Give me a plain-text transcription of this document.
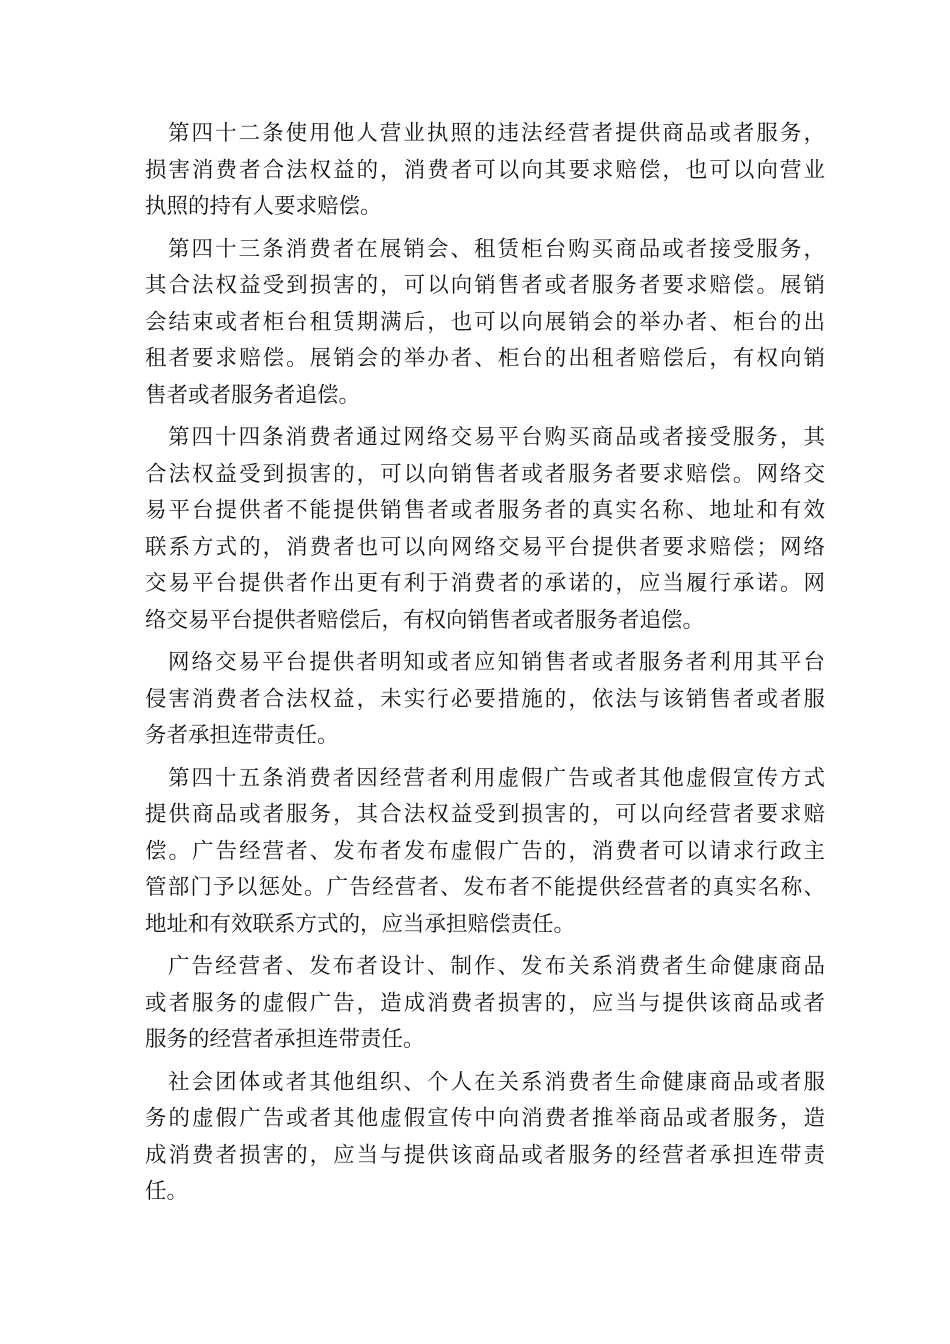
第四十二条使用他人营业执照的违法经营者提供商品或者服务，
损害消费者合法权益的，消费者可以向其要求赔偿，也可以向营业
执照的持有人要求赔偿。
第四十三条消费者在展销会、租赁柜台购买商品或者接受服务，
其合法权益受到损害的，可以向销售者或者服务者要求赔偿。展销
会结束或者柜台租赁期满后，也可以向展销会的举办者、柜台的出
租者要求赔偿。展销会的举办者、柜台的出租者赔偿后，有权向销
售者或者服务者追偿。
第四十四条消费者通过网络交易平台购买商品或者接受服务，其
合法权益受到损害的，可以向销售者或者服务者要求赔偿。网络交
易平台提供者不能提供销售者或者服务者的真实名称、地址和有效
联系方式的，消费者也可以向网络交易平台提供者要求赔偿；网络
交易平台提供者作出更有利于消费者的承诺的，应当履行承诺。网
络交易平台提供者赔偿后，有权向销售者或者服务者追偿。
网络交易平台提供者明知或者应知销售者或者服务者利用其平台
侵害消费者合法权益，未实行必要措施的，依法与该销售者或者服
务者承担连带责任。
第四十五条消费者因经营者利用虚假广告或者其他虚假宣传方式
提供商品或者服务，其合法权益受到损害的，可以向经营者要求赔
偿。广告经营者、发布者发布虚假广告的，消费者可以请求行政主
管部门予以惩处。广告经营者、发布者不能提供经营者的真实名称、
地址和有效联系方式的，应当承担赔偿责任。
广告经营者、发布者设计、制作、发布关系消费者生命健康商品
或者服务的虚假广告，造成消费者损害的，应当与提供该商品或者
服务的经营者承担连带责任。
社会团体或者其他组织、个人在关系消费者生命健康商品或者服
务的虚假广告或者其他虚假宣传中向消费者推举商品或者服务，造
成消费者损害的，应当与提供该商品或者服务的经营者承担连带责
任。
